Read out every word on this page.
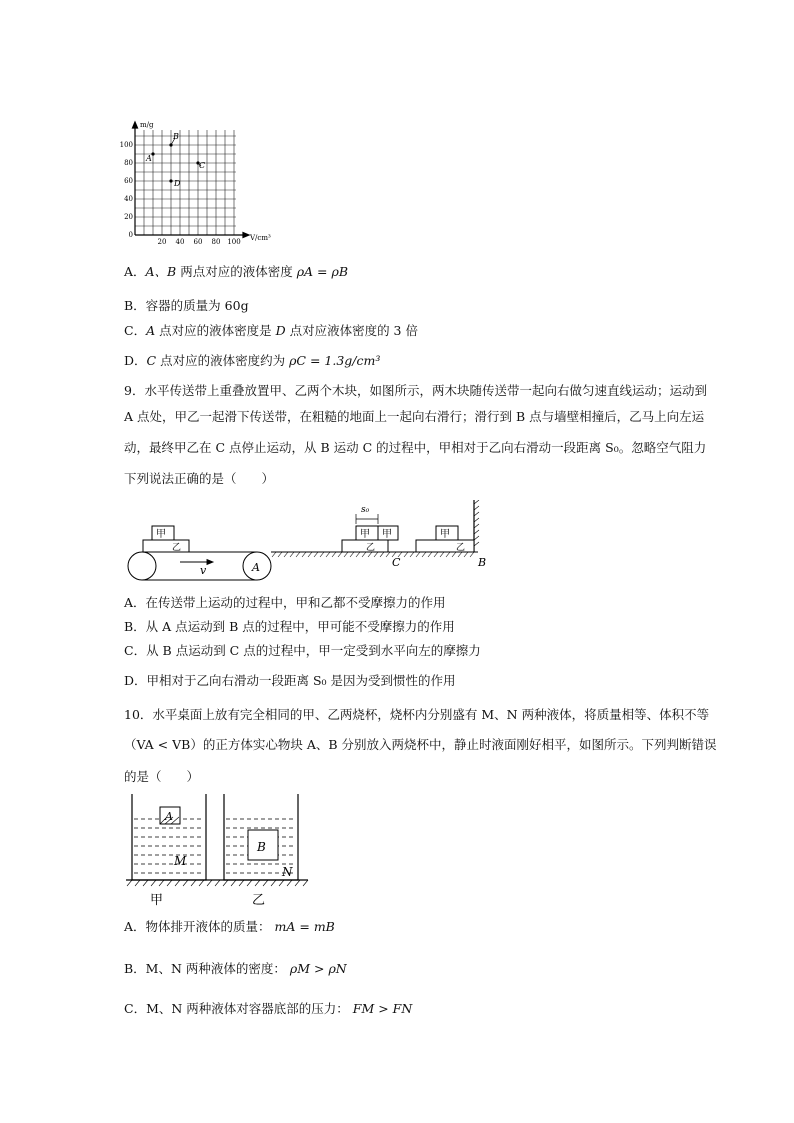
m/g
V/cm³
100
80
60
40
20
0
20 40 60 80 100
A
B
C
D
A．A、B 两点对应的液体密度 ρA = ρB
B．容器的质量为 60g
C．A 点对应的液体密度是 D 点对应液体密度的 3 倍
D．C 点对应的液体密度约为 ρC = 1.3g/cm³
9．水平传送带上重叠放置甲、乙两个木块，如图所示，两木块随传送带一起向右做匀速直线运动；运动到
A 点处，甲乙一起滑下传送带，在粗糙的地面上一起向右滑行；滑行到 B 点与墙壁相撞后，乙马上向左运
动，最终甲乙在 C 点停止运动，从 B 运动 C 的过程中，甲相对于乙向右滑动一段距离 S₀。忽略空气阻力
下列说法正确的是（　　）
v	A
甲
乙
甲 甲
乙
s₀
甲
乙
C	B
A．在传送带上运动的过程中，甲和乙都不受摩擦力的作用
B．从 A 点运动到 B 点的过程中，甲可能不受摩擦力的作用
C．从 B 点运动到 C 点的过程中，甲一定受到水平向左的摩擦力
D．甲相对于乙向右滑动一段距离 S₀ 是因为受到惯性的作用
10．水平桌面上放有完全相同的甲、乙两烧杯，烧杯内分别盛有 M、N 两种液体，将质量相等、体积不等
（VA < VB）的正方体实心物块 A、B 分别放入两烧杯中，静止时液面刚好相平，如图所示。下列判断错误
的是（　　）
A
M
B
N
甲	乙
A．物体排开液体的质量： mA = mB
B．M、N 两种液体的密度： ρM > ρN
C．M、N 两种液体对容器底部的压力： FM > FN
